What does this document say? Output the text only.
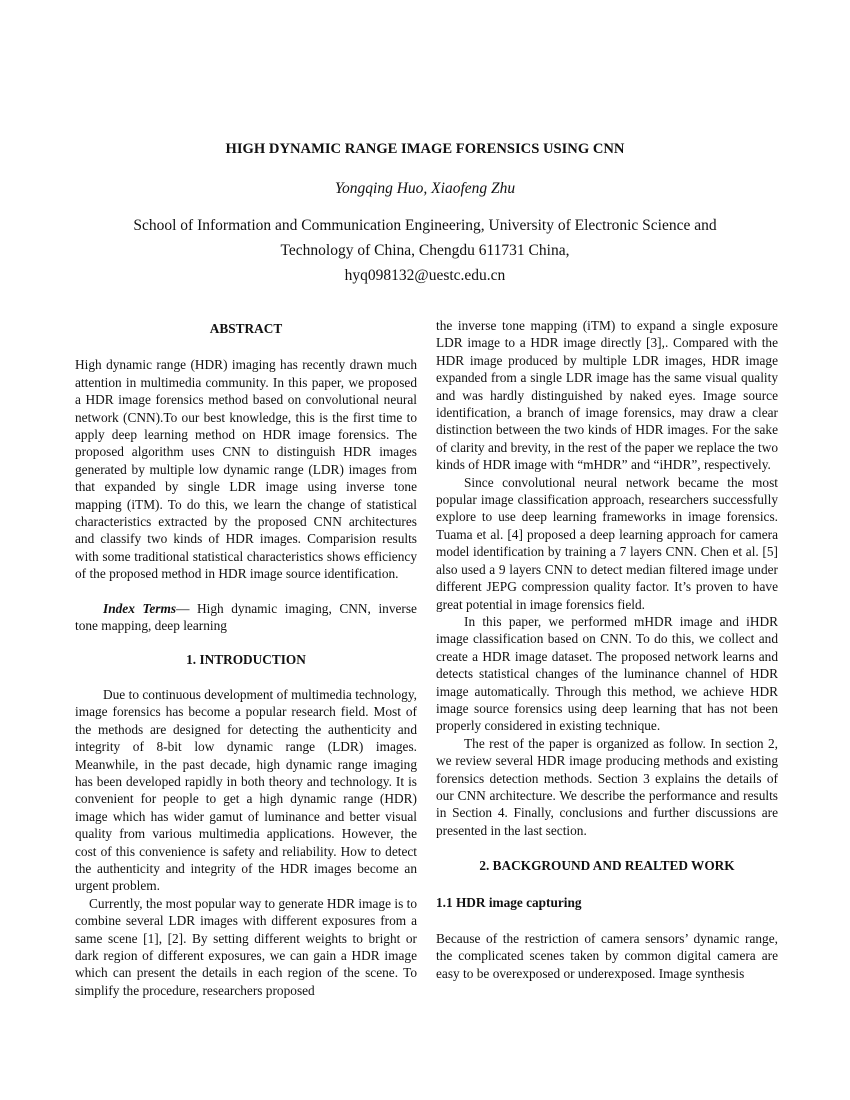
HIGH DYNAMIC RANGE IMAGE FORENSICS USING CNN
Yongqing Huo, Xiaofeng Zhu
School of Information and Communication Engineering, University of Electronic Science and
Technology of China, Chengdu 611731 China,
hyq098132@uestc.edu.cn

ABSTRACT

High dynamic range (HDR) imaging has recently drawn much attention in multimedia community. In this paper, we proposed a HDR image forensics method based on convolutional neural network (CNN).To our best knowledge, this is the first time to apply deep learning method on HDR image forensics. The proposed algorithm uses CNN to distinguish HDR images generated by multiple low dynamic range (LDR) images from that expanded by single LDR image using inverse tone mapping (iTM). To do this, we learn the change of statistical characteristics extracted by the proposed CNN architectures and classify two kinds of HDR images. Comparision results with some traditional statistical characteristics shows efficiency of the proposed method in HDR image source identification.

Index Terms— High dynamic imaging, CNN, inverse tone mapping, deep learning

1. INTRODUCTION

Due to continuous development of multimedia technology, image forensics has become a popular research field. Most of the methods are designed for detecting the authenticity and integrity of 8-bit low dynamic range (LDR) images. Meanwhile, in the past decade, high dynamic range imaging has been developed rapidly in both theory and technology. It is convenient for people to get a high dynamic range (HDR) image which has wider gamut of luminance and better visual quality from various multimedia applications. However, the cost of this convenience is safety and reliability. How to detect the authenticity and integrity of the HDR images become an urgent problem.

Currently, the most popular way to generate HDR image is to combine several LDR images with different exposures from a same scene [1], [2]. By setting different weights to bright or dark region of different exposures, we can gain a HDR image which can present the details in each region of the scene. To simplify the procedure, researchers proposed

the inverse tone mapping (iTM) to expand a single exposure LDR image to a HDR image directly [3],. Compared with the HDR image produced by multiple LDR images, HDR image expanded from a single LDR image has the same visual quality and was hardly distinguished by naked eyes. Image source identification, a branch of image forensics, may draw a clear distinction between the two kinds of HDR images. For the sake of clarity and brevity, in the rest of the paper we replace the two kinds of HDR image with “mHDR” and “iHDR”, respectively.

Since convolutional neural network became the most popular image classification approach, researchers successfully explore to use deep learning frameworks in image forensics. Tuama et al. [4] proposed a deep learning approach for camera model identification by training a 7 layers CNN. Chen et al. [5] also used a 9 layers CNN to detect median filtered image under different JEPG compression quality factor. It’s proven to have great potential in image forensics field.

In this paper, we performed mHDR image and iHDR image classification based on CNN. To do this, we collect and create a HDR image dataset. The proposed network learns and detects statistical changes of the luminance channel of HDR image automatically. Through this method, we achieve HDR image source forensics using deep learning that has not been properly considered in existing technique.

The rest of the paper is organized as follow. In section 2, we review several HDR image producing methods and existing forensics detection methods. Section 3 explains the details of our CNN architecture. We describe the performance and results in Section 4. Finally, conclusions and further discussions are presented in the last section.

2. BACKGROUND AND REALTED WORK

1.1 HDR image capturing

Because of the restriction of camera sensors’ dynamic range, the complicated scenes taken by common digital camera are easy to be overexposed or underexposed. Image synthesis
